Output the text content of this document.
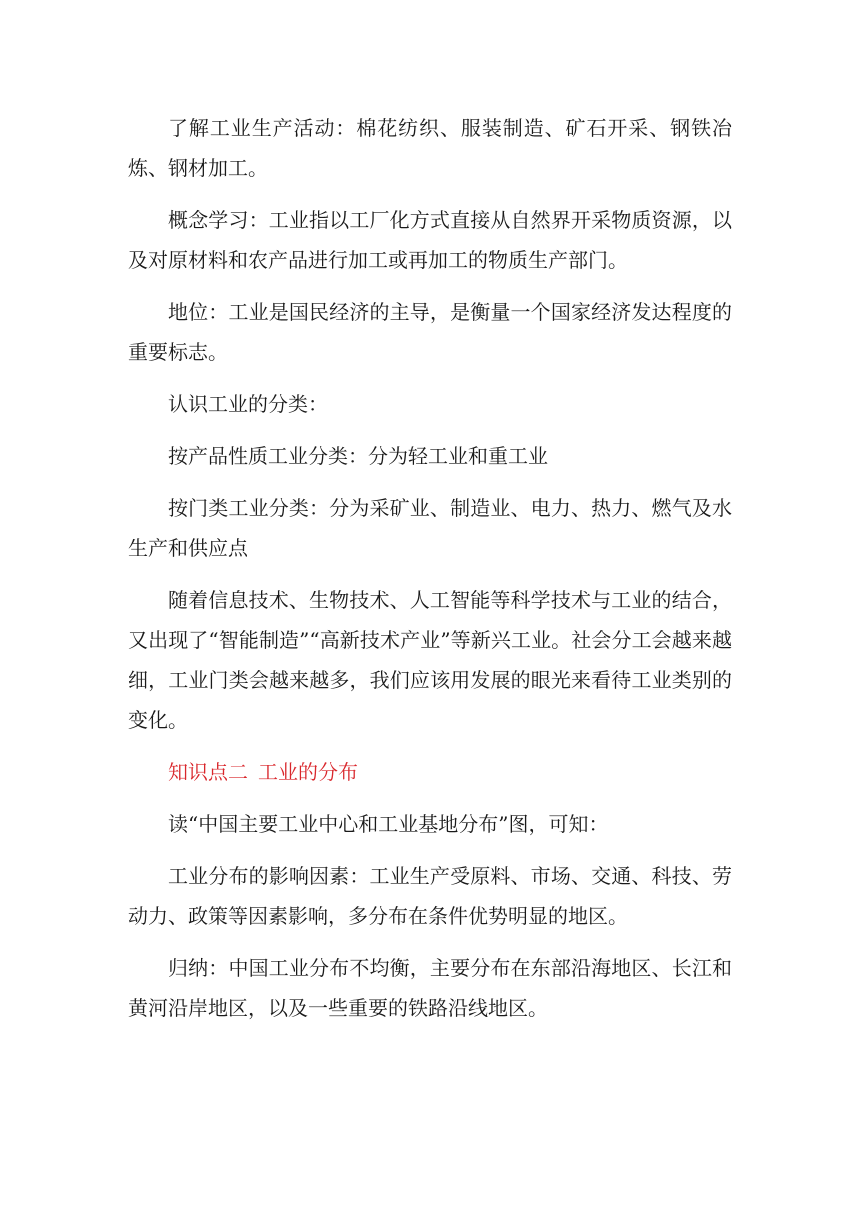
了解工业生产活动：棉花纺织、服装制造、矿石开采、钢铁冶炼、钢材加工。

概念学习：工业指以工厂化方式直接从自然界开采物质资源，以及对原材料和农产品进行加工或再加工的物质生产部门。

地位：工业是国民经济的主导，是衡量一个国家经济发达程度的重要标志。

认识工业的分类：

按产品性质工业分类：分为轻工业和重工业

按门类工业分类：分为采矿业、制造业、电力、热力、燃气及水生产和供应点

随着信息技术、生物技术、人工智能等科学技术与工业的结合，又出现了“智能制造”“高新技术产业”等新兴工业。社会分工会越来越细，工业门类会越来越多，我们应该用发展的眼光来看待工业类别的变化。

知识点二 工业的分布

读“中国主要工业中心和工业基地分布”图，可知：

工业分布的影响因素：工业生产受原料、市场、交通、科技、劳动力、政策等因素影响，多分布在条件优势明显的地区。

归纳：中国工业分布不均衡，主要分布在东部沿海地区、长江和黄河沿岸地区，以及一些重要的铁路沿线地区。
